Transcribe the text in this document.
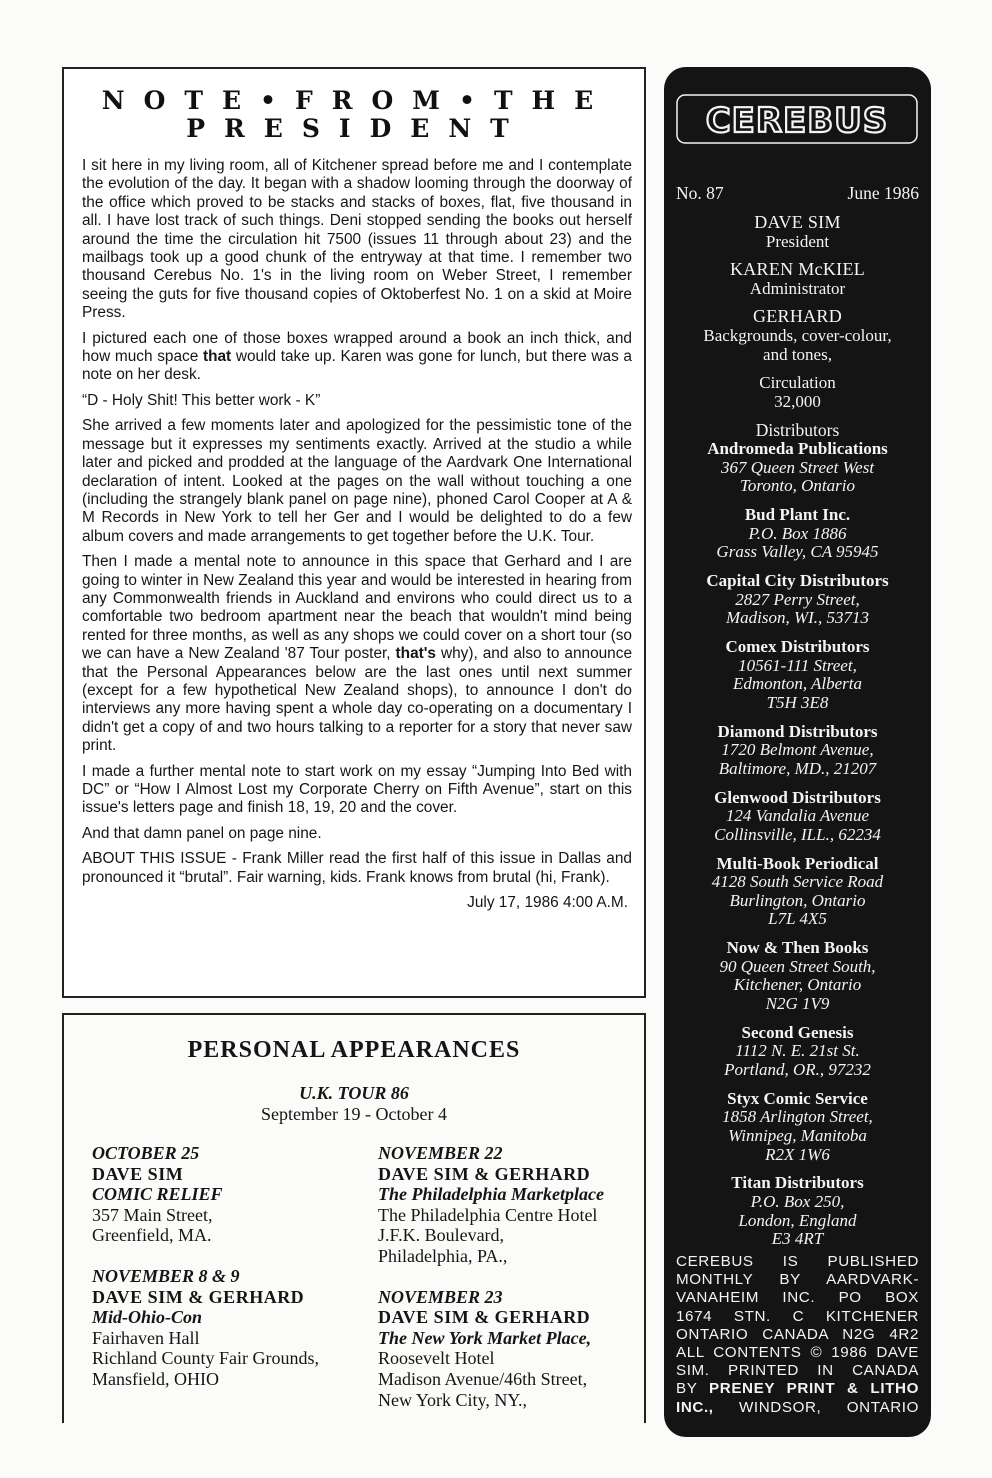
NOTE•FROM•THE
PRESIDENT

I sit here in my living room, all of Kitchener spread before me and I contemplate the evolution of the day. It began with a shadow looming through the doorway of the office which proved to be stacks and stacks of boxes, flat, five thousand in all. I have lost track of such things. Deni stopped sending the books out herself around the time the circulation hit 7500 (issues 11 through about 23) and the mailbags took up a good chunk of the entryway at that time. I remember two thousand Cerebus No. 1's in the living room on Weber Street, I remember seeing the guts for five thousand copies of Oktoberfest No. 1 on a skid at Moire Press.

I pictured each one of those boxes wrapped around a book an inch thick, and how much space that would take up. Karen was gone for lunch, but there was a note on her desk.

“D - Holy Shit! This better work - K”

She arrived a few moments later and apologized for the pessimistic tone of the message but it expresses my sentiments exactly. Arrived at the studio a while later and picked and prodded at the language of the Aardvark One International declaration of intent. Looked at the pages on the wall without touching a one (including the strangely blank panel on page nine), phoned Carol Cooper at A & M Records in New York to tell her Ger and I would be delighted to do a few album covers and made arrangements to get together before the U.K. Tour.

Then I made a mental note to announce in this space that Gerhard and I are going to winter in New Zealand this year and would be interested in hearing from any Commonwealth friends in Auckland and environs who could direct us to a comfortable two bedroom apartment near the beach that wouldn't mind being rented for three months, as well as any shops we could cover on a short tour (so we can have a New Zealand '87 Tour poster, that's why), and also to announce that the Personal Appearances below are the last ones until next summer (except for a few hypothetical New Zealand shops), to announce I don't do interviews any more having spent a whole day co-operating on a documentary I didn't get a copy of and two hours talking to a reporter for a story that never saw print.

I made a further mental note to start work on my essay “Jumping Into Bed with DC” or “How I Almost Lost my Corporate Cherry on Fifth Avenue”, start on this issue's letters page and finish 18, 19, 20 and the cover.

And that damn panel on page nine.

ABOUT THIS ISSUE - Frank Miller read the first half of this issue in Dallas and pronounced it “brutal”. Fair warning, kids. Frank knows from brutal (hi, Frank).

July 17, 1986 4:00 A.M.
PERSONAL APPEARANCES
U.K. TOUR 86
September 19 - October 4
OCTOBER 25
DAVE SIM
COMIC RELIEF
357 Main Street,
Greenfield, MA.
NOVEMBER 8 & 9
DAVE SIM & GERHARD
Mid-Ohio-Con
Fairhaven Hall
Richland County Fair Grounds,
Mansfield, OHIO
NOVEMBER 22
DAVE SIM & GERHARD
The Philadelphia Marketplace
The Philadelphia Centre Hotel
J.F.K. Boulevard,
Philadelphia, PA.,
NOVEMBER 23
DAVE SIM & GERHARD
The New York Market Place,
Roosevelt Hotel
Madison Avenue/46th Street,
New York City, NY.,
CEREBUS
No. 87	June 1986
DAVE SIM
President
KAREN McKIEL
Administrator
GERHARD
Backgrounds, cover-colour,
and tones,
Circulation
32,000
Distributors
Andromeda Publications
367 Queen Street West
Toronto, Ontario
Bud Plant Inc.
P.O. Box 1886
Grass Valley, CA 95945
Capital City Distributors
2827 Perry Street,
Madison, WI., 53713
Comex Distributors
10561-111 Street,
Edmonton, Alberta
T5H 3E8
Diamond Distributors
1720 Belmont Avenue,
Baltimore, MD., 21207
Glenwood Distributors
124 Vandalia Avenue
Collinsville, ILL., 62234
Multi-Book Periodical
4128 South Service Road
Burlington, Ontario
L7L 4X5
Now & Then Books
90 Queen Street South,
Kitchener, Ontario
N2G 1V9
Second Genesis
1112 N. E. 21st St.
Portland, OR., 97232
Styx Comic Service
1858 Arlington Street,
Winnipeg, Manitoba
R2X 1W6
Titan Distributors
P.O. Box 250,
London, England
E3 4RT
CEREBUS IS PUBLISHED
MONTHLY BY AARDVARK-
VANAHEIM INC. PO BOX
1674 STN. C KITCHENER
ONTARIO CANADA N2G 4R2
ALL CONTENTS © 1986 DAVE
SIM. PRINTED IN CANADA
BY PRENEY PRINT & LITHO
INC., WINDSOR, ONTARIO
